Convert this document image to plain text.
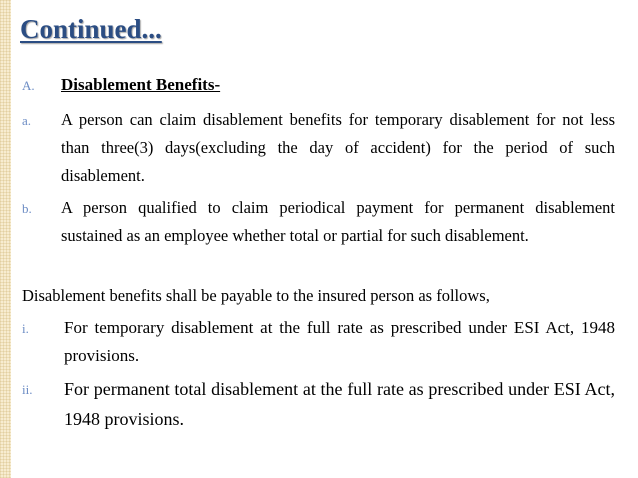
Continued...
A. Disablement Benefits-
a. A person can claim disablement benefits for temporary disablement for not less than three(3) days(excluding the day of accident) for the period of such disablement.
b. A person qualified to claim periodical payment for permanent disablement sustained as an employee whether total or partial for such disablement.
Disablement benefits shall be payable to the insured person as follows,
i. For temporary disablement at the full rate as prescribed under ESI Act, 1948 provisions.
ii. For permanent total disablement at the full rate as prescribed under ESI Act, 1948 provisions.
